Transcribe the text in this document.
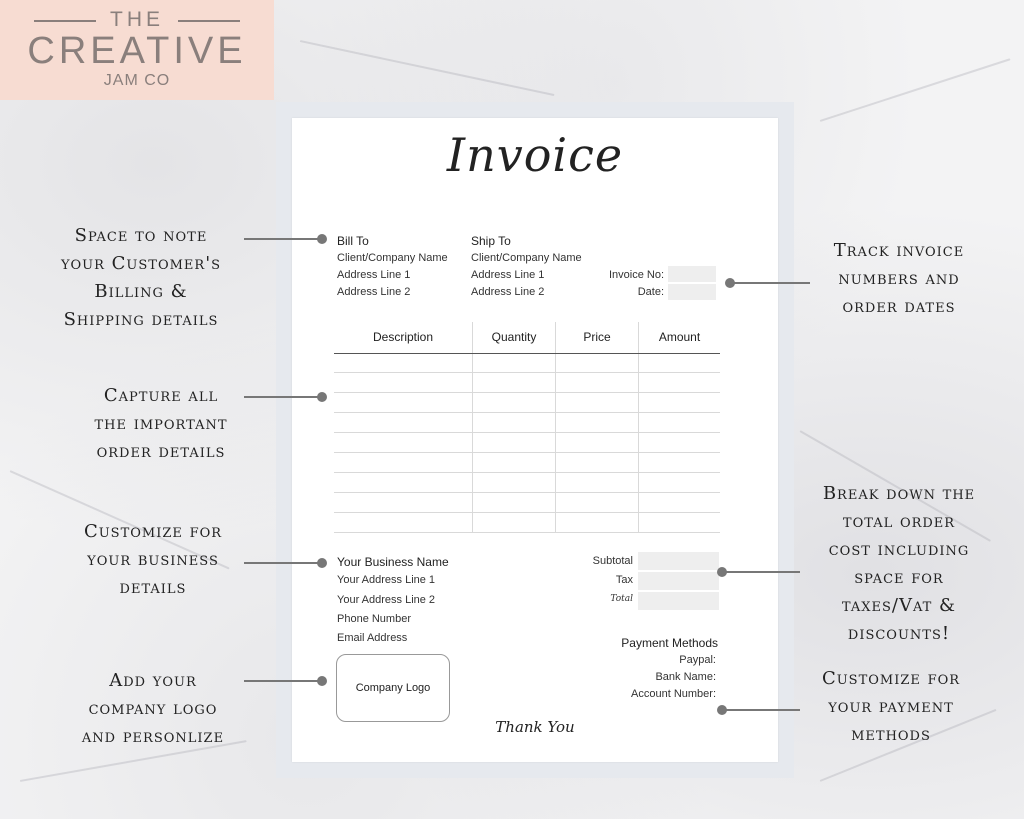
THE
CREATIVE
JAM CO
Invoice
Bill To
Client/Company Name
Address Line 1
Address Line 2
Ship To
Client/Company Name
Address Line 1
Address Line 2
Invoice No:
Date:
Description	Quantity	Price	Amount
Your Business Name
Your Address Line 1
Your Address Line 2
Phone Number
Email Address
Subtotal
Tax
Total
Payment Methods
Paypal:
Bank Name:
Account Number:
Company Logo
Thank You
Space to note
your Customer's
Billing &
Shipping details
Capture all
the important
order details
Customize for
your business
details
Add your
company logo
and personlize
Track invoice
numbers and
order dates
Break down the
total order
cost including
space for
taxes/Vat &
discounts!
Customize for
your payment
methods
